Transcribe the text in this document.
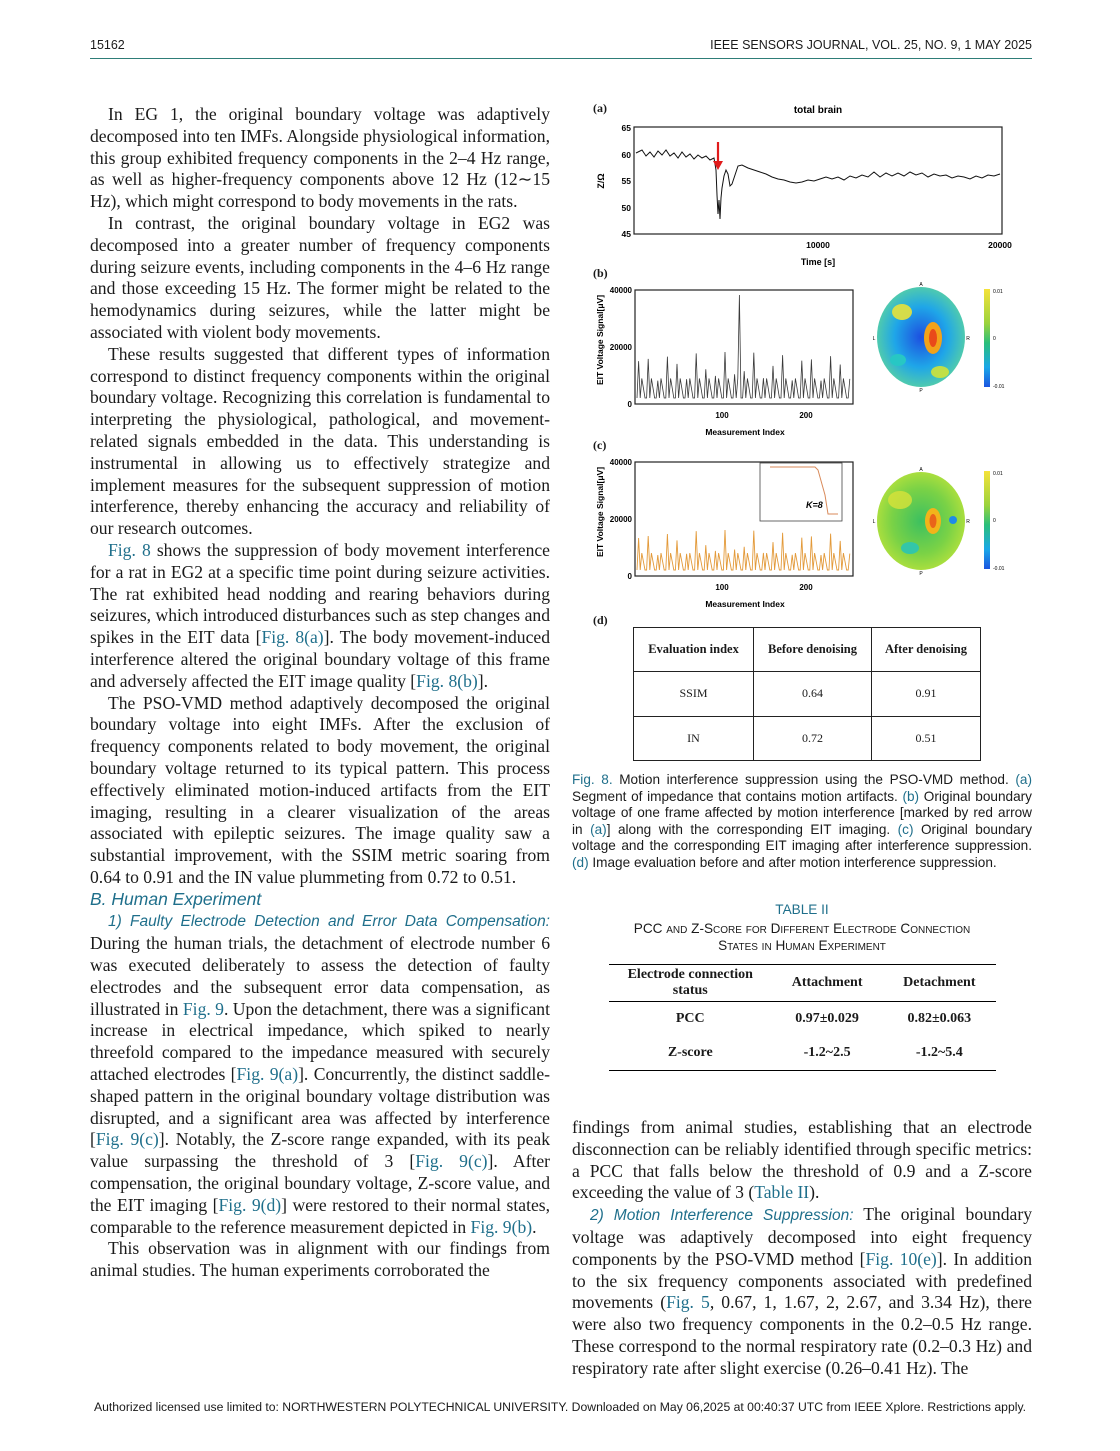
15162	IEEE SENSORS JOURNAL, VOL. 25, NO. 9, 1 MAY 2025

In EG 1, the original boundary voltage was adaptively decomposed into ten IMFs. Alongside physiological information, this group exhibited frequency components in the 2–4 Hz range, as well as higher-frequency components above 12 Hz (12∼15 Hz), which might correspond to body movements in the rats.

In contrast, the original boundary voltage in EG2 was decomposed into a greater number of frequency components during seizure events, including components in the 4–6 Hz range and those exceeding 15 Hz. The former might be related to the hemodynamics during seizures, while the latter might be associated with violent body movements.

These results suggested that different types of information correspond to distinct frequency components within the original boundary voltage. Recognizing this correlation is fundamental to interpreting the physiological, pathological, and movement-related signals embedded in the data. This understanding is instrumental in allowing us to effectively strategize and implement measures for the subsequent suppression of motion interference, thereby enhancing the accuracy and reliability of our research outcomes.

Fig. 8 shows the suppression of body movement interference for a rat in EG2 at a specific time point during seizure activities. The rat exhibited head nodding and rearing behaviors during seizures, which introduced disturbances such as step changes and spikes in the EIT data [Fig. 8(a)]. The body movement-induced interference altered the original boundary voltage of this frame and adversely affected the EIT image quality [Fig. 8(b)].

The PSO-VMD method adaptively decomposed the original boundary voltage into eight IMFs. After the exclusion of frequency components related to body movement, the original boundary voltage returned to its typical pattern. This process effectively eliminated motion-induced artifacts from the EIT imaging, resulting in a clearer visualization of the areas associated with epileptic seizures. The image quality saw a substantial improvement, with the SSIM metric soaring from 0.64 to 0.91 and the IN value plummeting from 0.72 to 0.51.

B. Human Experiment

1) Faulty Electrode Detection and Error Data Compensation: During the human trials, the detachment of electrode number 6 was executed deliberately to assess the detection of faulty electrodes and the subsequent error data compensation, as illustrated in Fig. 9. Upon the detachment, there was a significant increase in electrical impedance, which spiked to nearly threefold compared to the impedance measured with securely attached electrodes [Fig. 9(a)]. Concurrently, the distinct saddle-shaped pattern in the original boundary voltage distribution was disrupted, and a significant area was affected by interference [Fig. 9(c)]. Notably, the Z-score range expanded, with its peak value surpassing the threshold of 3 [Fig. 9(c)]. After compensation, the original boundary voltage, Z-score value, and the EIT imaging [Fig. 9(d)] were restored to their normal states, comparable to the reference measurement depicted in Fig. 9(b).

This observation was in alignment with our findings from animal studies. The human experiments corroborated the

(a)
(b)
(c)
(d)
total brain
Z/Ω
65
60
55
50
45
10000	20000
Time [s]
EIT Voltage Signal[μV]
40000
20000
0
100	200
Measurement Index
EIT Voltage Signal[μV]
40000
20000
0
100	200
Measurement Index
K=8
A
L	R
P
0.01
0
-0.01
A
L	R
P
0.01
0
-0.01
Evaluation index	Before denoising	After denoising
SSIM	0.64	0.91
IN	0.72	0.51
Fig. 8. Motion interference suppression using the PSO-VMD method. (a) Segment of impedance that contains motion artifacts. (b) Original boundary voltage of one frame affected by motion interference [marked by red arrow in (a)] along with the corresponding EIT imaging. (c) Original boundary voltage and the corresponding EIT imaging after interference suppression. (d) Image evaluation before and after motion interference suppression.
TABLE II
PCC and Z-Score for Different Electrode Connection
States in Human Experiment
Electrode connection status	Attachment	Detachment
PCC	0.97±0.029	0.82±0.063
Z-score	-1.2~2.5	-1.2~5.4

findings from animal studies, establishing that an electrode disconnection can be reliably identified through specific metrics: a PCC that falls below the threshold of 0.9 and a Z-score exceeding the value of 3 (Table II).

2) Motion Interference Suppression: The original boundary voltage was adaptively decomposed into eight frequency components by the PSO-VMD method [Fig. 10(e)]. In addition to the six frequency components associated with predefined movements (Fig. 5, 0.67, 1, 1.67, 2, 2.67, and 3.34 Hz), there were also two frequency components in the 0.2–0.5 Hz range. These correspond to the normal respiratory rate (0.2–0.3 Hz) and respiratory rate after slight exercise (0.26–0.41 Hz). The

Authorized licensed use limited to: NORTHWESTERN POLYTECHNICAL UNIVERSITY. Downloaded on May 06,2025 at 00:40:37 UTC from IEEE Xplore. Restrictions apply.
